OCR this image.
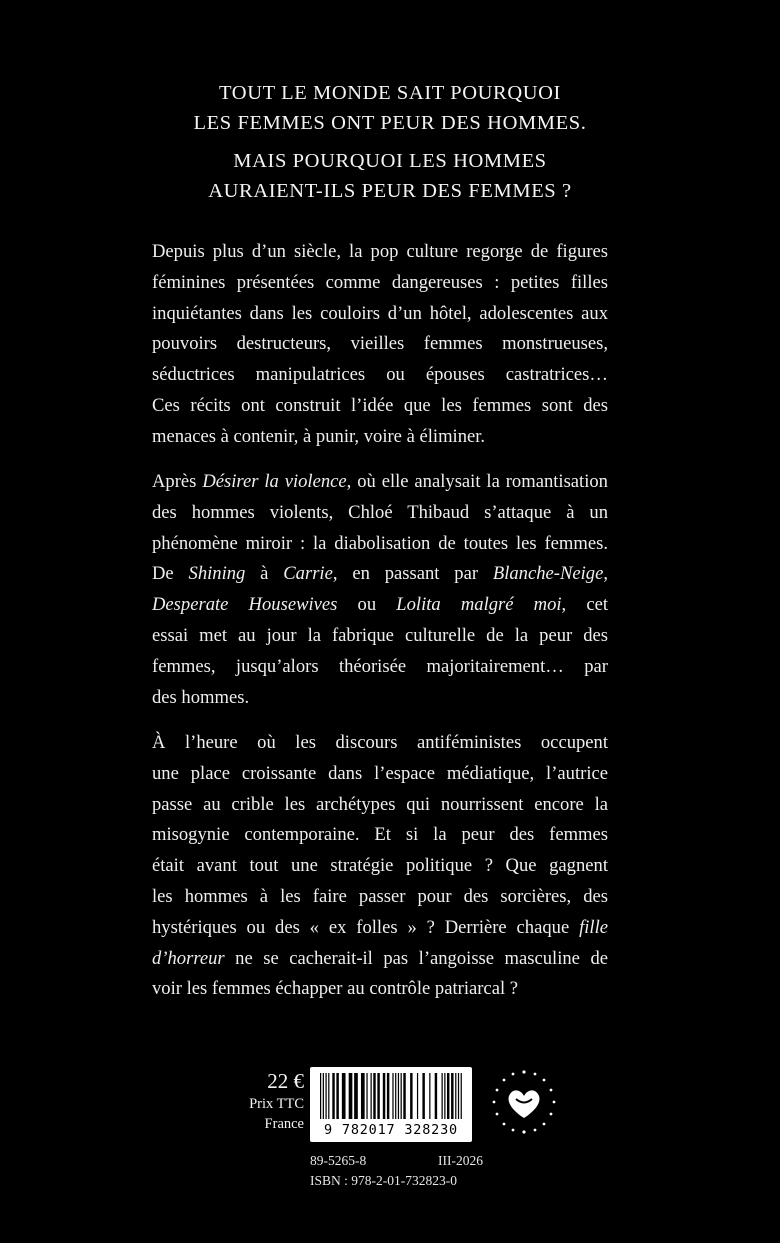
TOUT LE MONDE SAIT POURQUOI
LES FEMMES ONT PEUR DES HOMMES.
MAIS POURQUOI LES HOMMES
AURAIENT-ILS PEUR DES FEMMES ?
Depuis plus d’un siècle, la pop culture regorge de figures
féminines présentées comme dangereuses : petites filles
inquiétantes dans les couloirs d’un hôtel, adolescentes aux
pouvoirs destructeurs, vieilles femmes monstrueuses,
séductrices manipulatrices ou épouses castratrices…
Ces récits ont construit l’idée que les femmes sont des
menaces à contenir, à punir, voire à éliminer.
Après Désirer la violence, où elle analysait la romantisation
des hommes violents, Chloé Thibaud s’attaque à un
phénomène miroir : la diabolisation de toutes les femmes.
De Shining à Carrie, en passant par Blanche-Neige,
Desperate Housewives ou Lolita malgré moi, cet
essai met au jour la fabrique culturelle de la peur des
femmes, jusqu’alors théorisée majoritairement… par
des hommes.
À l’heure où les discours antiféministes occupent
une place croissante dans l’espace médiatique, l’autrice
passe au crible les archétypes qui nourrissent encore la
misogynie contemporaine. Et si la peur des femmes
était avant tout une stratégie politique ? Que gagnent
les hommes à les faire passer pour des sorcières, des
hystériques ou des « ex folles » ? Derrière chaque fille
d’horreur ne se cacherait-il pas l’angoisse masculine de
voir les femmes échapper au contrôle patriarcal ?
22 €
Prix TTC
France	9 782017 328230
89-5265-8	III-2026
ISBN : 978-2-01-732823-0
